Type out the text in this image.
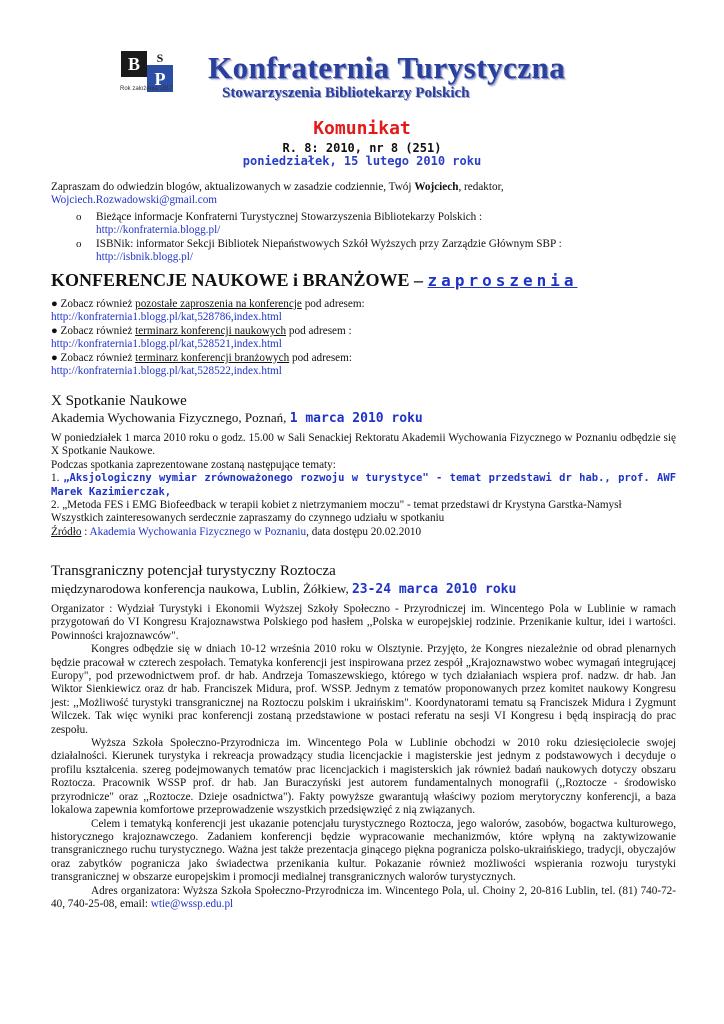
B S
P
Rok założenia 1917
Konfraternia Turystyczna
Stowarzyszenia Bibliotekarzy Polskich
Komunikat
R. 8: 2010, nr 8 (251)
poniedziałek, 15 lutego 2010 roku
Zapraszam do odwiedzin blogów, aktualizowanych w zasadzie codziennie, Twój Wojciech, redaktor,
Wojciech.Rozwadowski@gmail.com
o Bieżące informacje Konfraterni Turystycznej Stowarzyszenia Bibliotekarzy Polskich :
http://konfraternia.blogg.pl/
o ISBNik: informator Sekcji Bibliotek Niepaństwowych Szkół Wyższych przy Zarządzie Głównym SBP :
http://isbnik.blogg.pl/
KONFERENCJE NAUKOWE i BRANŻOWE – zaproszenia
● Zobacz również pozostałe zaproszenia na konferencje pod adresem:
http://konfraternia1.blogg.pl/kat,528786,index.html
● Zobacz również terminarz konferencji naukowych pod adresem :
http://konfraternia1.blogg.pl/kat,528521,index.html
● Zobacz również terminarz konferencji branżowych pod adresem:
http://konfraternia1.blogg.pl/kat,528522,index.html
X Spotkanie Naukowe
Akademia Wychowania Fizycznego, Poznań, 1 marca 2010 roku
W poniedziałek 1 marca 2010 roku o godz. 15.00 w Sali Senackiej Rektoratu Akademii Wychowania Fizycznego w Poznaniu odbędzie się X Spotkanie Naukowe.
Podczas spotkania zaprezentowane zostaną następujące tematy:
1. „Aksjologiczny wymiar zrównoważonego rozwoju w turystyce" - temat przedstawi dr hab., prof. AWF Marek Kazimierczak,
2. „Metoda FES i EMG Biofeedback w terapii kobiet z nietrzymaniem moczu" - temat przedstawi dr Krystyna Garstka-Namysł
Wszystkich zainteresowanych serdecznie zapraszamy do czynnego udziału w spotkaniu
Źródło : Akademia Wychowania Fizycznego w Poznaniu, data dostępu 20.02.2010
Transgraniczny potencjał turystyczny Roztocza
międzynarodowa konferencja naukowa, Lublin, Żółkiew, 23-24 marca 2010 roku
Organizator : Wydział Turystyki i Ekonomii Wyższej Szkoły Społeczno - Przyrodniczej im. Wincentego Pola w Lublinie w ramach przygotowań do VI Kongresu Krajoznawstwa Polskiego pod hasłem ,,Polska w europejskiej rodzinie. Przenikanie kultur, idei i wartości. Powinności krajoznawców".
Kongres odbędzie się w dniach 10-12 września 2010 roku w Olsztynie. Przyjęto, że Kongres niezależnie od obrad plenarnych będzie pracował w czterech zespołach. Tematyka konferencji jest inspirowana przez zespół „Krajoznawstwo wobec wymagań integrującej Europy", pod przewodnictwem prof. dr hab. Andrzeja Tomaszewskiego, którego w tych działaniach wspiera prof. nadzw. dr hab. Jan Wiktor Sienkiewicz oraz dr hab. Franciszek Midura, prof. WSSP. Jednym z tematów proponowanych przez komitet naukowy Kongresu jest: ,,Możliwość turystyki transgranicznej na Roztoczu polskim i ukraińskim". Koordynatorami tematu są Franciszek Midura i Zygmunt Wilczek. Tak więc wyniki prac konferencji zostaną przedstawione w postaci referatu na sesji VI Kongresu i będą inspiracją do prac zespołu.
Wyższa Szkoła Społeczno-Przyrodnicza im. Wincentego Pola w Lublinie obchodzi w 2010 roku dziesięciolecie swojej działalności. Kierunek turystyka i rekreacja prowadzący studia licencjackie i magisterskie jest jednym z podstawowych i decyduje o profilu kształcenia. szereg podejmowanych tematów prac licencjackich i magisterskich jak również badań naukowych dotyczy obszaru Roztocza. Pracownik WSSP prof. dr hab. Jan Buraczyński jest autorem fundamentalnych monografii (,,Roztocze - środowisko przyrodnicze" oraz ,,Roztocze. Dzieje osadnictwa"). Fakty powyższe gwarantują właściwy poziom merytoryczny konferencji, a baza lokalowa zapewnia komfortowe przeprowadzenie wszystkich przedsięwzięć z nią związanych.
Celem i tematyką konferencji jest ukazanie potencjału turystycznego Roztocza, jego walorów, zasobów, bogactwa kulturowego, historycznego krajoznawczego. Zadaniem konferencji będzie wypracowanie mechanizmów, które wpłyną na zaktywizowanie transgranicznego ruchu turystycznego. Ważna jest także prezentacja ginącego piękna pogranicza polsko-ukraińskiego, tradycji, obyczajów oraz zabytków pogranicza jako świadectwa przenikania kultur. Pokazanie również możliwości wspierania rozwoju turystyki transgranicznej w obszarze europejskim i promocji medialnej transgranicznych walorów turystycznych.
Adres organizatora: Wyższa Szkoła Społeczno-Przyrodnicza im. Wincentego Pola, ul. Choiny 2, 20-816 Lublin, tel. (81) 740-72-40, 740-25-08, email: wtie@wssp.edu.pl
